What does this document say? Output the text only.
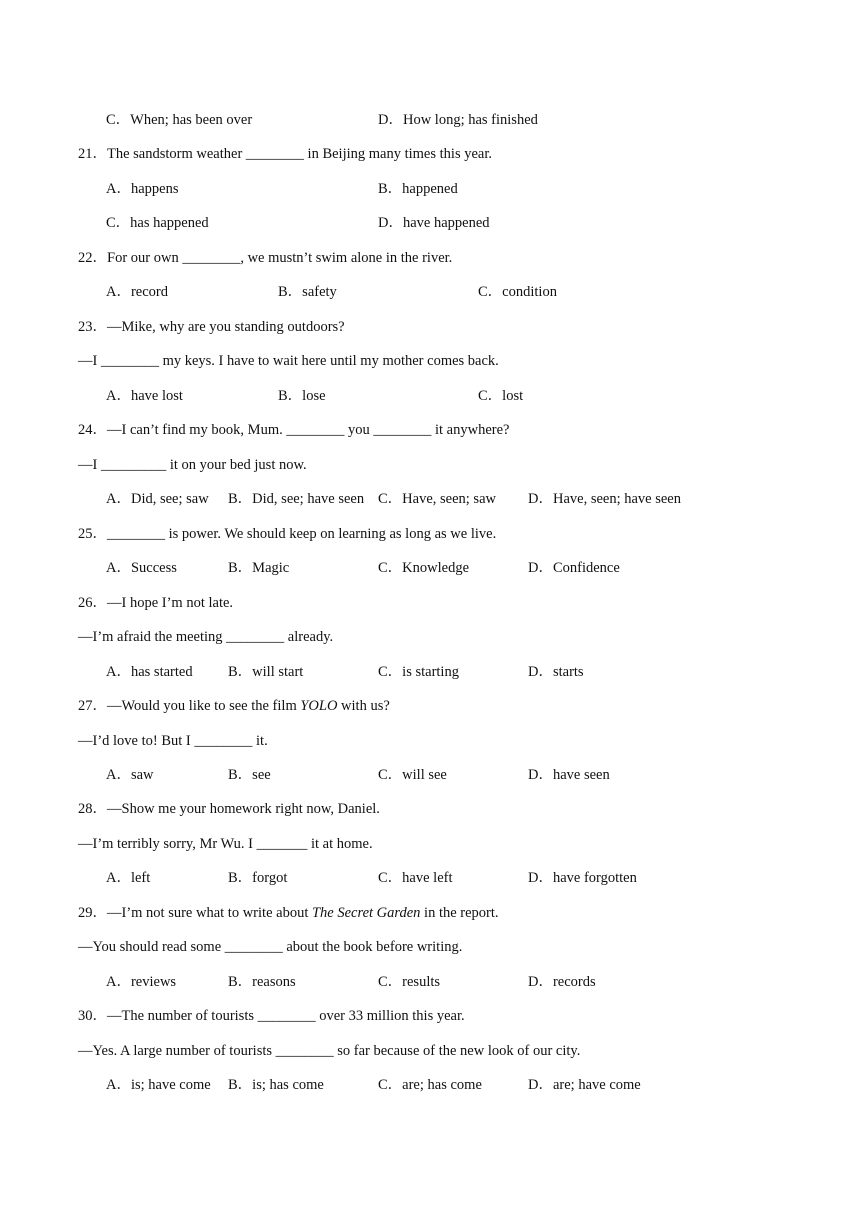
C．When; has been over	D．How long; has finished
21．The sandstorm weather ________ in Beijing many times this year.
A．happens	B．happened
C．has happened	D．have happened
22．For our own ________, we mustn’t swim alone in the river.
A．record	B．safety	C．condition
23．—Mike, why are you standing outdoors?
—I ________ my keys. I have to wait here until my mother comes back.
A．have lost	B．lose	C．lost
24．—I can’t find my book, Mum. ________ you ________ it anywhere?
—I _________ it on your bed just now.
A．Did, see; saw B．Did, see; have seen C．Have, seen; saw D．Have, seen; have seen
25．________ is power. We should keep on learning as long as we live.
A．Success	B．Magic	C．Knowledge	D．Confidence
26．—I hope I’m not late.
—I’m afraid the meeting ________ already.
A．has started B．will start	C．is starting	D．starts
27．—Would you like to see the film YOLO with us?
—I’d love to! But I ________ it.
A．saw	B．see	C．will see	D．have seen
28．—Show me your homework right now, Daniel.
—I’m terribly sorry, Mr Wu. I _______ it at home.
A．left	B．forgot	C．have left	D．have forgotten
29．—I’m not sure what to write about The Secret Garden in the report.
—You should read some ________ about the book before writing.
A．reviews	B．reasons	C．results	D．records
30．—The number of tourists ________ over 33 million this year.
—Yes. A large number of tourists ________ so far because of the new look of our city.
A．is; have come B．is; has come	C．are; has come	D．are; have come
